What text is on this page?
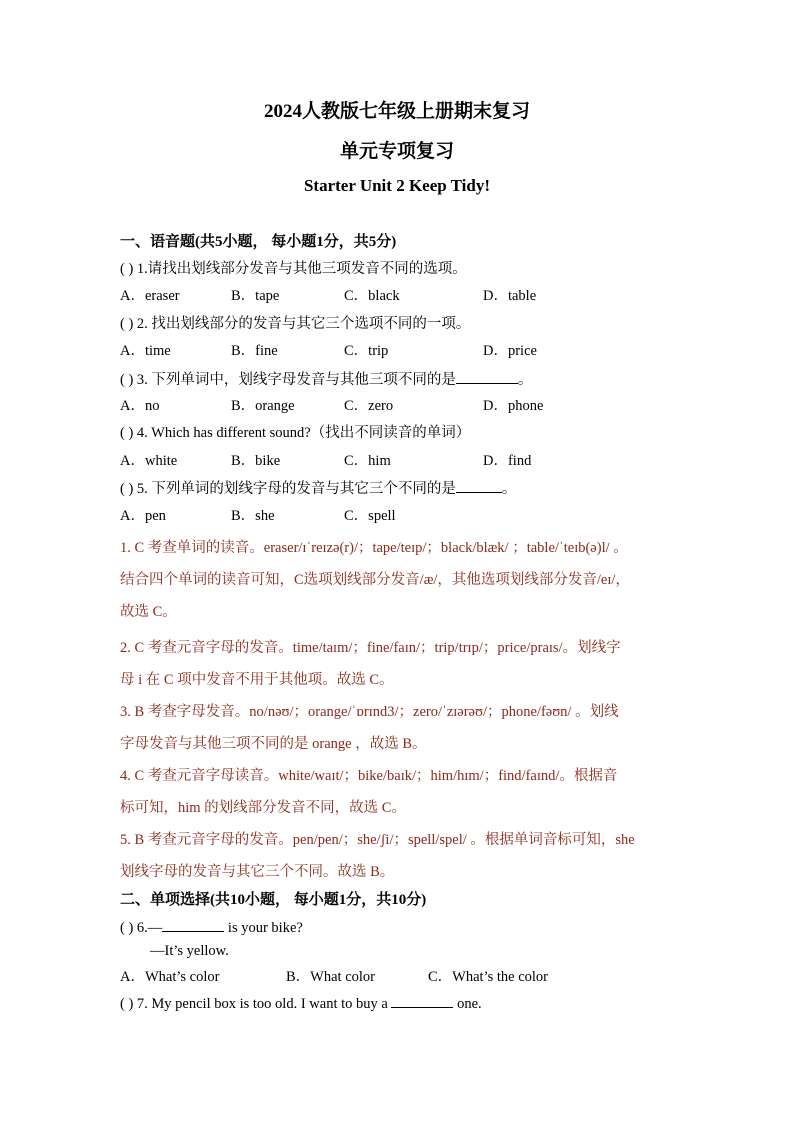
2024人教版七年级上册期末复习
单元专项复习
Starter Unit 2 Keep Tidy!
一、语音题(共5小题， 每小题1分，共5分)
( ) 1.请找出划线部分发音与其他三项发音不同的选项。
A．eraser	B．tape	C．black	D．table
( ) 2. 找出划线部分的发音与其它三个选项不同的一项。
A．time	B．fine	C．trip	D．price
( ) 3. 下列单词中，划线字母发音与其他三项不同的是	。
A．no	B．orange	C．zero	D．phone
( ) 4. Which has different sound?（找出不同读音的单词）
A．white	B．bike	C．him	D．find
( ) 5. 下列单词的划线字母的发音与其它三个不同的是	。
A．pen	B．she	C．spell
1. C 考查单词的读音。eraser/ɪˈreɪzə(r)/；tape/teɪp/；black/blæk/ ；table/ˈteɪb(ə)l/ 。
结合四个单词的读音可知，C选项划线部分发音/æ/，其他选项划线部分发音/eɪ/，
故选 C。
2. C 考查元音字母的发音。time/taɪm/；fine/faɪn/；trip/trɪp/；price/praɪs/。划线字
母 i 在 C 项中发音不用于其他项。故选 C。
3. B 考查字母发音。no/nəʊ/；orange/ˈɒrɪnd3/；zero/ˈzɪərəʊ/；phone/fəʊn/ 。划线
字母发音与其他三项不同的是 orange ，故选 B。
4. C 考查元音字母读音。white/waɪt/；bike/baɪk/；him/hɪm/；find/faɪnd/。根据音
标可知，him 的划线部分发音不同，故选 C。
5. B 考查元音字母的发音。pen/pen/；she/ʃi/；spell/spel/ 。根据单词音标可知，she
划线字母的发音与其它三个不同。故选 B。
二、单项选择(共10小题， 每小题1分，共10分)
( ) 6.—	is your bike?
—It’s yellow.
A．What’s color	B．What color	C．What’s the color
( ) 7. My pencil box is too old. I want to buy a	one.
